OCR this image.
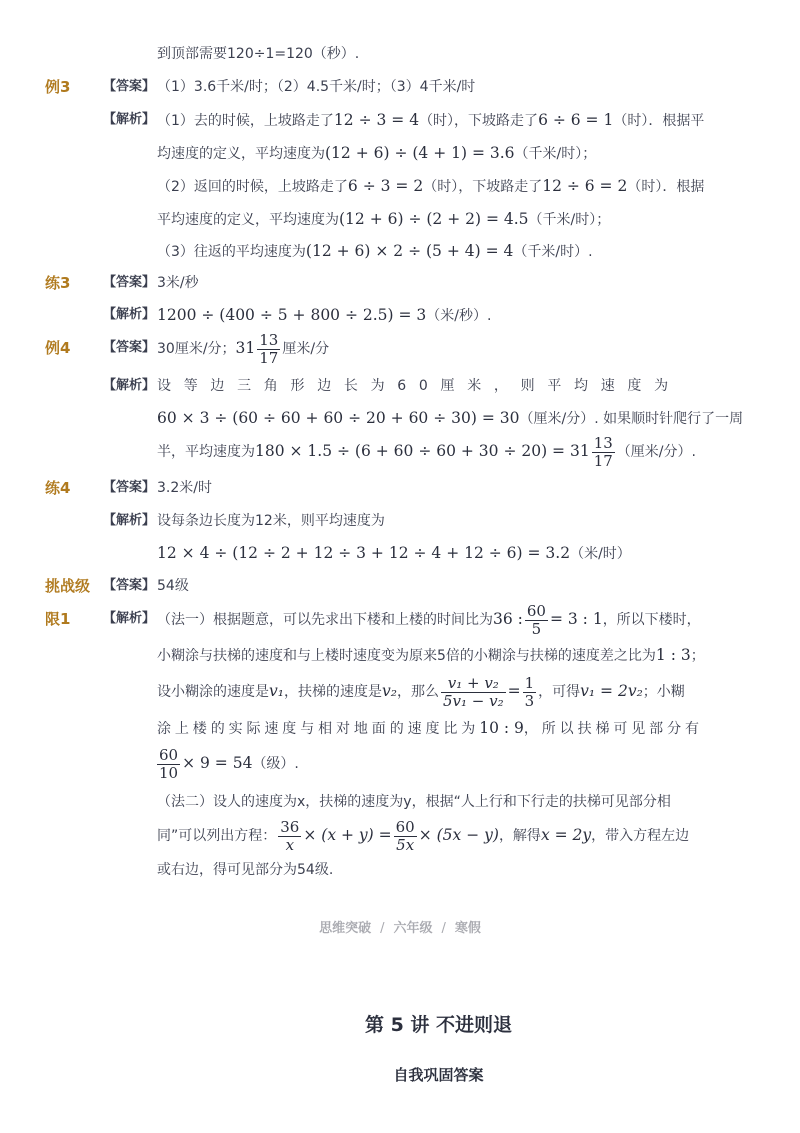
到顶部需要120÷1=120（秒）.
例3	【答案】 （1）3.6千米/时；（2）4.5千米/时；（3）4千米/时
【解析】 （1）去的时候，上坡路走了12 ÷ 3 = 4（时），下坡路走了6 ÷ 6 = 1（时）．根据平
均速度的定义，平均速度为(12 + 6) ÷ (4 + 1) = 3.6（千米/时）；
（2）返回的时候，上坡路走了6 ÷ 3 = 2（时），下坡路走了12 ÷ 6 = 2（时）．根据
平均速度的定义，平均速度为(12 + 6) ÷ (2 + 2) = 4.5（千米/时）；
（3）往返的平均速度为(12 + 6) × 2 ÷ (5 + 4) = 4（千米/时）.
练3	【答案】 3米/秒
【解析】 1200 ÷ (400 ÷ 5 + 800 ÷ 2.5) = 3（米/秒）.
例4	【答案】 30厘米/分；$31 \frac{13}{17}$ 厘米/分
【解析】 设等边三角形边长为60厘米，则平均速度为
60 × 3 ÷ (60 ÷ 60 + 60 ÷ 20 + 60 ÷ 30) = 30（厘米/分）. 如果顺时针爬行了一周
半，平均速度为$180 \times 1.5 \div (6 + 60 \div 60 + 30 \div 20) = 31 \frac{13}{17}$ （厘米/分）.
练4	【答案】 3.2米/时
【解析】 设每条边长度为12米，则平均速度为
12 × 4 ÷ (12 ÷ 2 + 12 ÷ 3 + 12 ÷ 4 + 12 ÷ 6) = 3.2（米/时）
挑战级 【答案】 54级
限1	【解析】 （法一）根据题意，可以先求出下楼和上楼的时间比为36 : $\frac{60}{5} = 3$ : 1，所以下楼时，
小糊涂与扶梯的速度和与上楼时速度变为原来5倍的小糊涂与扶梯的速度差之比为1 : 3；
设小糊涂的速度是v₁，扶梯的速度是v₂，那么 $\frac{\text{v₁ + v₂}}{\text{5v₁ − v₂}} = \frac{1}{3}$ ，可得v₁ = 2v₂；小糊
涂上楼的实际速度与相对地面的速度比为10 : 9，所以扶梯可见部分有
$\frac{60}{10} \times 9 = 54$（级）.
（法二）设人的速度为x，扶梯的速度为y，根据“人上行和下行走的扶梯可见部分相
同”可以列出方程： $\frac{36}{x} \times (x + y) = \frac{60}{5x} \times (5x - y)$，解得x = 2y，带入方程左边
或右边，得可见部分为54级.
思维突破 / 六年级 / 寒假
第 5 讲 不进则退
自我巩固答案
